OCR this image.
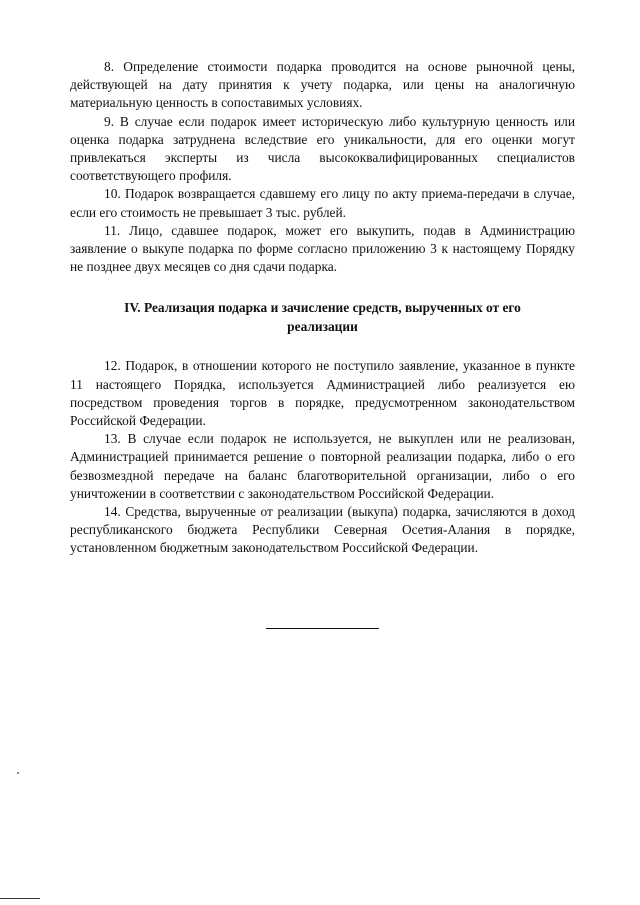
8. Определение стоимости подарка проводится на основе рыночной цены, действующей на дату принятия к учету подарка, или цены на аналогичную материальную ценность в сопоставимых условиях.

9. В случае если подарок имеет историческую либо культурную ценность или оценка подарка затруднена вследствие его уникальности, для его оценки могут привлекаться эксперты из числа высококвалифицированных специалистов соответствующего профиля.

10. Подарок возвращается сдавшему его лицу по акту приема-передачи в случае, если его стоимость не превышает 3 тыс. рублей.

11. Лицо, сдавшее подарок, может его выкупить, подав в Администрацию заявление о выкупе подарка по форме согласно приложению 3 к настоящему Порядку не позднее двух месяцев со дня сдачи подарка.

IV. Реализация подарка и зачисление средств, вырученных от его
реализации

12. Подарок, в отношении которого не поступило заявление, указанное в пункте 11 настоящего Порядка, используется Администрацией либо реализуется ею посредством проведения торгов в порядке, предусмотренном законодательством Российской Федерации.

13. В случае если подарок не используется, не выкуплен или не реализован, Администрацией принимается решение о повторной реализации подарка, либо о его безвозмездной передаче на баланс благотворительной организации, либо о его уничтожении в соответствии с законодательством Российской Федерации.

14. Средства, вырученные от реализации (выкупа) подарка, зачисляются в доход республиканского бюджета Республики Северная Осетия-Алания в порядке, установленном бюджетным законодательством Российской Федерации.
